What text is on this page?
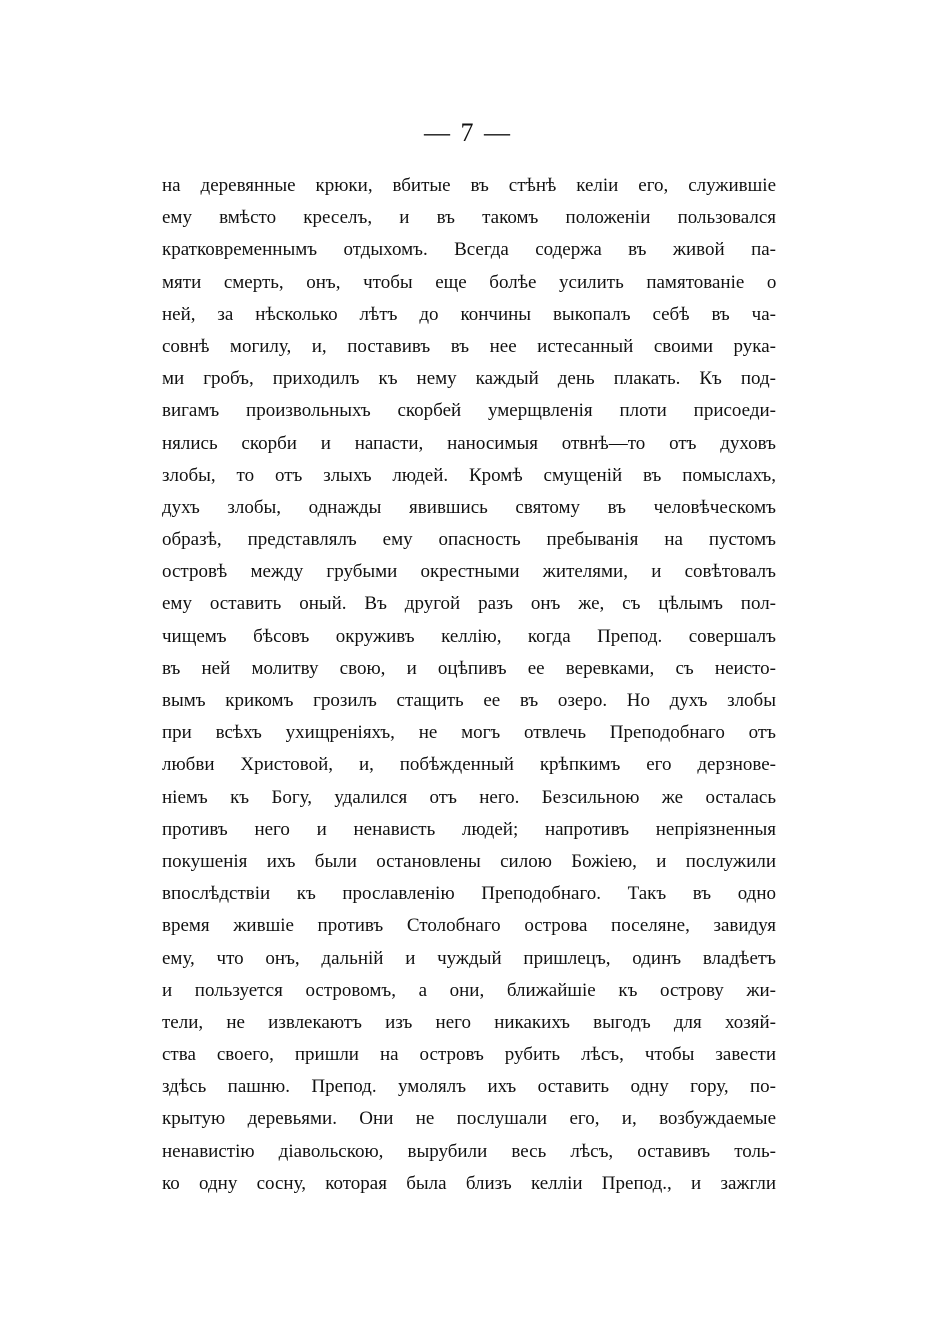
— 7 —
на деревянные крюки, вбитые въ стѣнѣ келіи его, служившіе
ему вмѣсто креселъ, и въ такомъ положеніи пользовался
кратковременнымъ отдыхомъ. Всегда содержа въ живой па-
мяти смерть, онъ, чтобы еще болѣе усилить памятованіе о
ней, за нѣсколько лѣтъ до кончины выкопалъ себѣ въ ча-
совнѣ могилу, и, поставивъ въ нее истесанный своими рука-
ми гробъ, приходилъ къ нему каждый день плакать. Къ под-
вигамъ произвольныхъ скорбей умерщвленія плоти присоеди-
нялись скорби и напасти, наносимыя отвнѣ—то отъ духовъ
злобы, то отъ злыхъ людей. Кромѣ смущеній въ помыслахъ,
духъ злобы, однажды явившись святому въ человѣческомъ
образѣ, представлялъ ему опасность пребыванія на пустомъ
островѣ между грубыми окрестными жителями, и совѣтовалъ
ему оставить оный. Въ другой разъ онъ же, съ цѣлымъ пол-
чищемъ бѣсовъ окруживъ келлію, когда Препод. совершалъ
въ ней молитву свою, и оцѣпивъ ее веревками, съ неисто-
вымъ крикомъ грозилъ стащить ее въ озеро. Но духъ злобы
при всѣхъ ухищреніяхъ, не могъ отвлечь Преподобнаго отъ
любви Христовой, и, побѣжденный крѣпкимъ его дерзнове-
ніемъ къ Богу, удалился отъ него. Безсильною же осталась
противъ него и ненависть людей; напротивъ непріязненныя
покушенія ихъ были остановлены силою Божіею, и послужили
впослѣдствіи къ прославленію Преподобнаго. Такъ въ одно
время жившіе противъ Столобнаго острова поселяне, завидуя
ему, что онъ, дальній и чуждый пришлецъ, одинъ владѣетъ
и пользуется островомъ, а они, ближайшіе къ острову жи-
тели, не извлекаютъ изъ него никакихъ выгодъ для хозяй-
ства своего, пришли на островъ рубить лѣсъ, чтобы завести
здѣсь пашню. Препод. умолялъ ихъ оставить одну гору, по-
крытую деревьями. Они не послушали его, и, возбуждаемые
ненавистію діавольскою, вырубили весь лѣсъ, оставивъ толь-
ко одну сосну, которая была близъ келліи Препод., и зажгли
